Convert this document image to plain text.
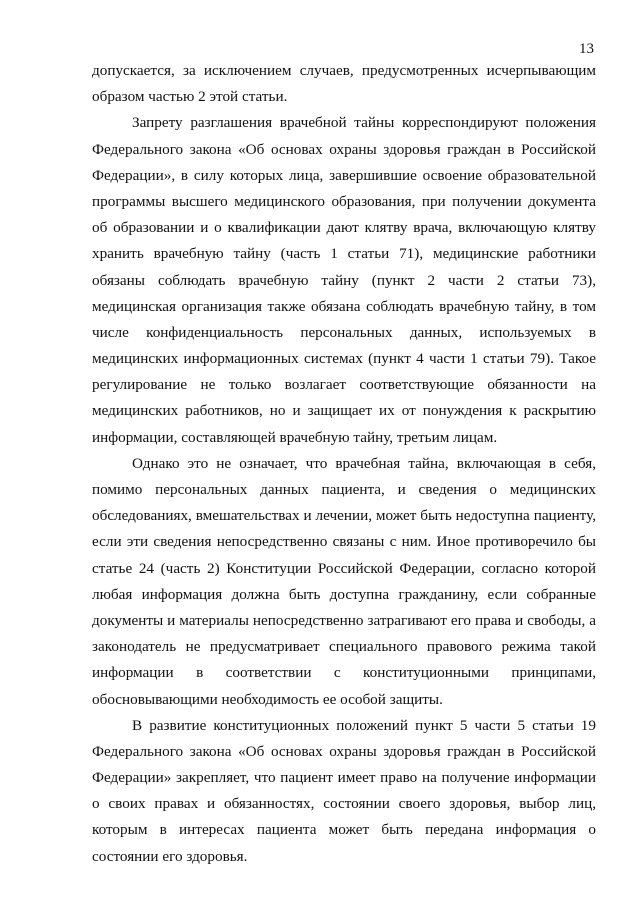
13
допускается, за исключением случаев, предусмотренных исчерпывающим
образом частью 2 этой статьи.
Запрету разглашения врачебной тайны корреспондируют положения
Федерального закона «Об основах охраны здоровья граждан в Российской
Федерации», в силу которых лица, завершившие освоение образовательной
программы высшего медицинского образования, при получении документа
об образовании и о квалификации дают клятву врача, включающую клятву
хранить врачебную тайну (часть 1 статьи 71), медицинские работники
обязаны соблюдать врачебную тайну (пункт 2 части 2 статьи 73),
медицинская организация также обязана соблюдать врачебную тайну, в том
числе конфиденциальность персональных данных, используемых в
медицинских информационных системах (пункт 4 части 1 статьи 79). Такое
регулирование не только возлагает соответствующие обязанности на
медицинских работников, но и защищает их от понуждения к раскрытию
информации, составляющей врачебную тайну, третьим лицам.
Однако это не означает, что врачебная тайна, включающая в себя,
помимо персональных данных пациента, и сведения о медицинских
обследованиях, вмешательствах и лечении, может быть недоступна пациенту,
если эти сведения непосредственно связаны с ним. Иное противоречило бы
статье 24 (часть 2) Конституции Российской Федерации, согласно которой
любая информация должна быть доступна гражданину, если собранные
документы и материалы непосредственно затрагивают его права и свободы, а
законодатель не предусматривает специального правового режима такой
информации в соответствии с конституционными принципами,
обосновывающими необходимость ее особой защиты.
В развитие конституционных положений пункт 5 части 5 статьи 19
Федерального закона «Об основах охраны здоровья граждан в Российской
Федерации» закрепляет, что пациент имеет право на получение информации
о своих правах и обязанностях, состоянии своего здоровья, выбор лиц,
которым в интересах пациента может быть передана информация о
состоянии его здоровья.
